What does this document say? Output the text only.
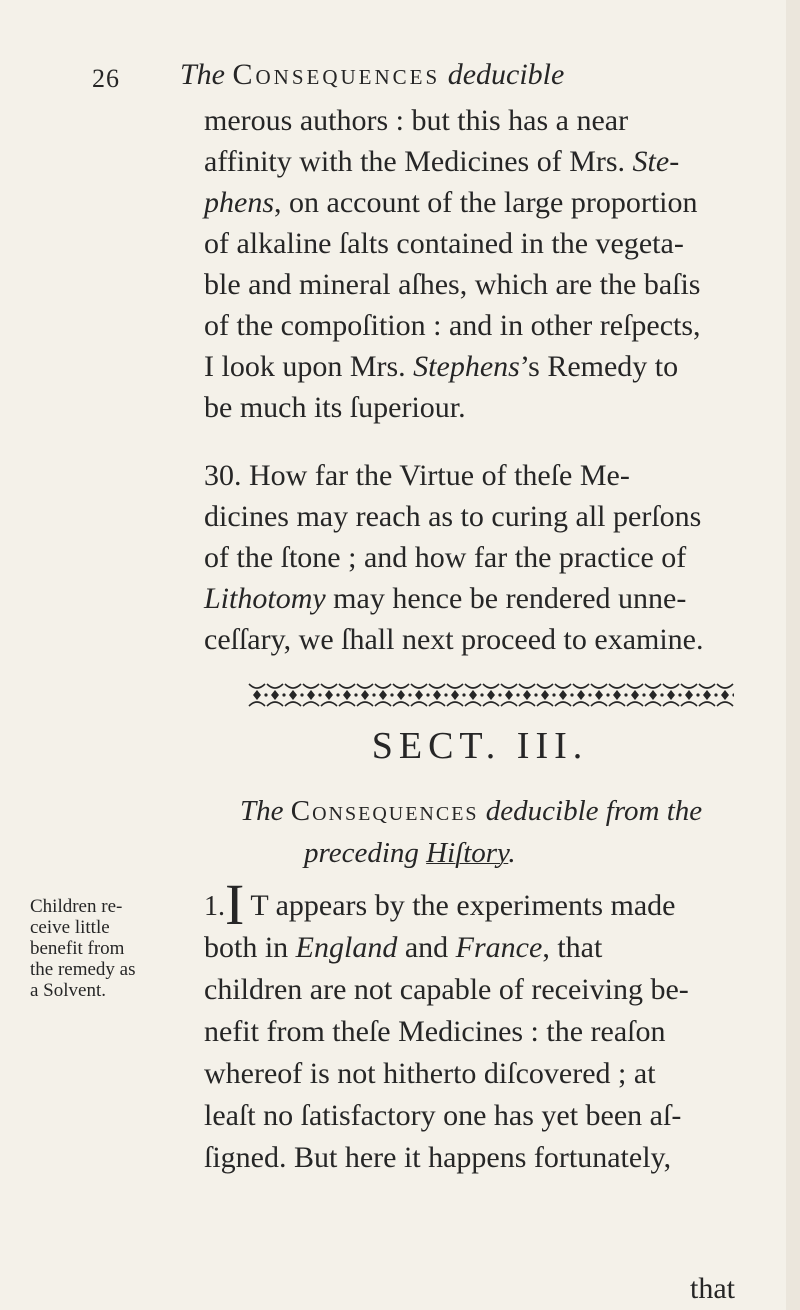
26 The Consequences deducible
merous authors : but this has a near
affinity with the Medicines of Mrs. Ste-
phens, on account of the large proportion
of alkaline ſalts contained in the vegeta-
ble and mineral aſhes, which are the baſis
of the compoſition : and in other reſpects,
I look upon Mrs. Stephens’s Remedy to
be much its ſuperiour.
30. How far the Virtue of theſe Me-
dicines may reach as to curing all perſons
of the ſtone ; and how far the practice of
Lithotomy may hence be rendered unne-
ceſſary, we ſhall next proceed to examine.
SECT. III.
The Consequences deducible from the
preceding Hiſtory.
Children re-
ceive little
benefit from
the remedy as
a Solvent.
1.I T appears by the experiments made
both in England and France, that
children are not capable of receiving be-
nefit from theſe Medicines : the reaſon
whereof is not hitherto diſcovered ; at
leaſt no ſatisfactory one has yet been aſ-
ſigned. But here it happens fortunately,
that
